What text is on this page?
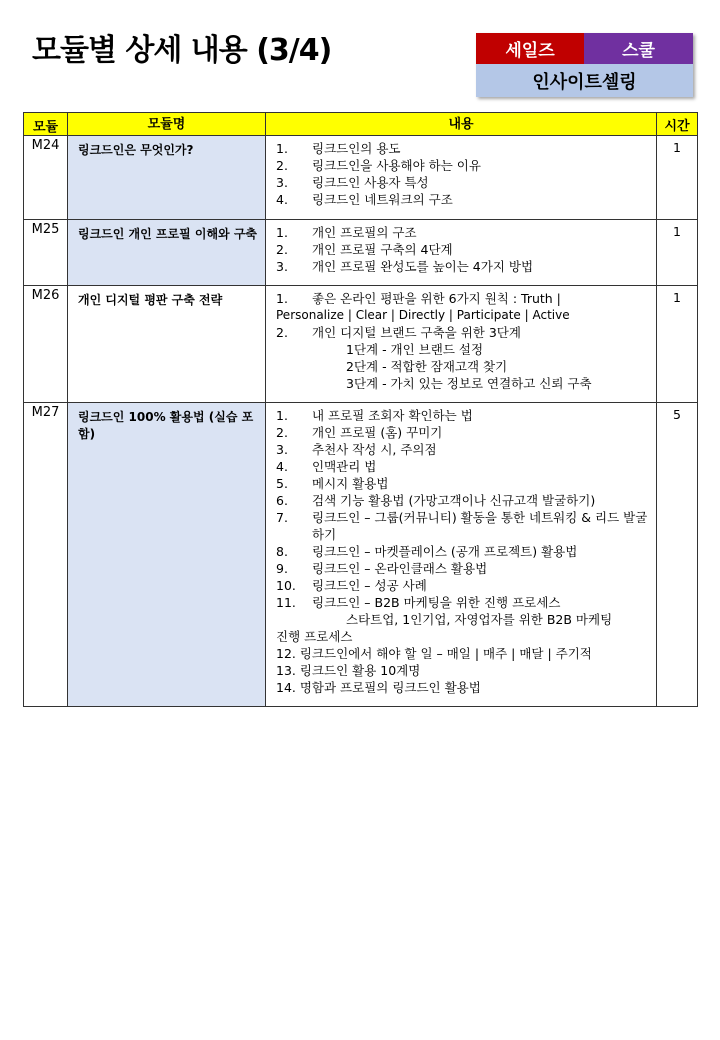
모듈별 상세 내용 (3/4)	세일즈	스쿨
인사이트셀링
모듈	모듈명	내용	시간
M24	링크드인은 무엇인가?	1.	링크드인의 용도
2.	링크드인을 사용해야 하는 이유
3.	링크드인 사용자 특성
4.	링크드인 네트워크의 구조
	1
M25	링크드인 개인 프로필 이해와 구축	1.	개인 프로필의 구조
2.	개인 프로필 구축의 4단계
3.	개인 프로필 완성도를 높이는 4가지 방법
	1
M26	개인 디지털 평판 구축 전략	1.	좋은 온라인 평판을 위한 6가지 원칙 : Truth |
Personalize | Clear | Directly | Participate | Active
2.	개인 디지털 브랜드 구축을 위한 3단계
1단계 - 개인 브랜드 설정
2단계 - 적합한 잠재고객 찾기
3단계 - 가치 있는 정보로 연결하고 신뢰 구축
	1
M27	링크드인 100% 활용법 (실습 포함)	
1.	내 프로필 조회자 확인하는 법
2.	개인 프로필 (홈) 꾸미기
3.	추천사 작성 시, 주의점
4.	인맥관리 법
5.	메시지 활용법
6.	검색 기능 활용법 (가망고객이나 신규고객 발굴하기)
7.	링크드인 – 그룹(커뮤니티) 활동을 통한 네트워킹 & 리드 발굴하기
8.	링크드인 – 마켓플레이스 (공개 프로젝트) 활용법
9.	링크드인 – 온라인클래스 활용법
10.	링크드인 – 성공 사례
11.	링크드인 – B2B 마케팅을 위한 진행 프로세스
스타트업, 1인기업, 자영업자를 위한 B2B 마케팅
진행 프로세스
12. 링크드인에서 해야 할 일 – 매일 | 매주 | 매달 | 주기적
13. 링크드인 활용 10계명
14. 명함과 프로필의 링크드인 활용법
	5
